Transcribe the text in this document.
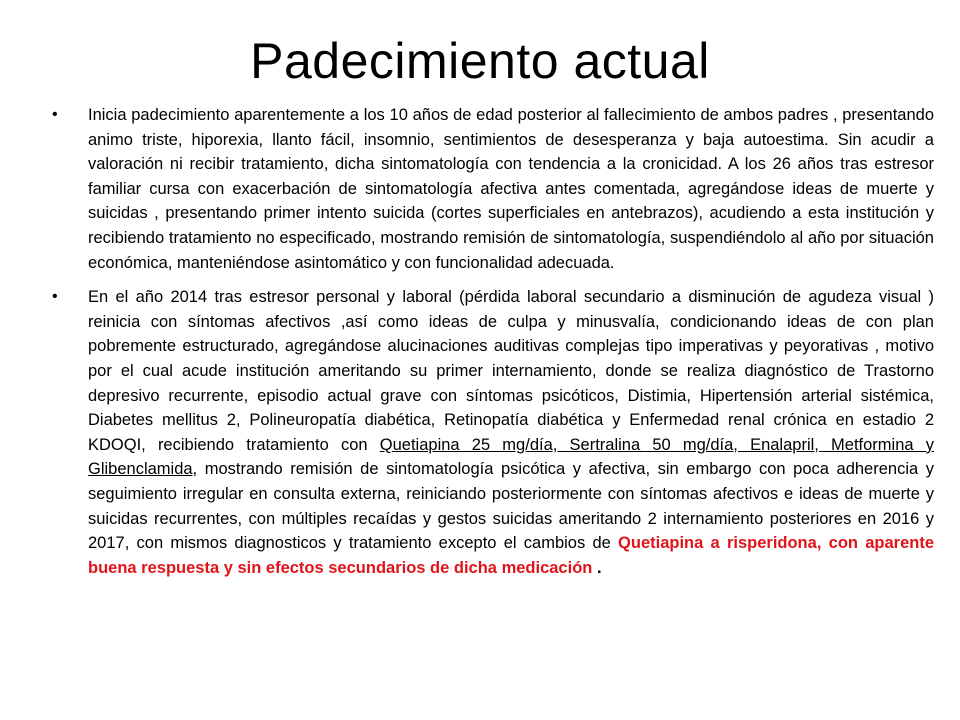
Padecimiento actual
• Inicia padecimiento aparentemente a los 10 años de edad posterior al fallecimiento de ambos padres , presentando animo triste, hiporexia, llanto fácil, insomnio, sentimientos de desesperanza y baja autoestima. Sin acudir a valoración ni recibir tratamiento, dicha sintomatología con tendencia a la cronicidad. A los 26 años tras estresor familiar cursa con exacerbación de sintomatología afectiva antes comentada, agregándose ideas de muerte y suicidas , presentando primer intento suicida (cortes superficiales en antebrazos), acudiendo a esta institución y recibiendo tratamiento no especificado, mostrando remisión de sintomatología, suspendiéndolo al año por situación económica, manteniéndose asintomático y con funcionalidad adecuada.
• En el año 2014 tras estresor personal y laboral (pérdida laboral secundario a disminución de agudeza visual ) reinicia con síntomas afectivos ,así como ideas de culpa y minusvalía, condicionando ideas de con plan pobremente estructurado, agregándose alucinaciones auditivas complejas tipo imperativas y peyorativas , motivo por el cual acude institución ameritando su primer internamiento, donde se realiza diagnóstico de Trastorno depresivo recurrente, episodio actual grave con síntomas psicóticos, Distimia, Hipertensión arterial sistémica, Diabetes mellitus 2, Polineuropatía diabética, Retinopatía diabética y Enfermedad renal crónica en estadio 2 KDOQI, recibiendo tratamiento con Quetiapina 25 mg/día, Sertralina 50 mg/día, Enalapril, Metformina y Glibenclamida, mostrando remisión de sintomatología psicótica y afectiva, sin embargo con poca adherencia y seguimiento irregular en consulta externa, reiniciando posteriormente con síntomas afectivos e ideas de muerte y suicidas recurrentes, con múltiples recaídas y gestos suicidas ameritando 2 internamiento posteriores en 2016 y 2017, con mismos diagnosticos y tratamiento excepto el cambios de Quetiapina a risperidona, con aparente buena respuesta y sin efectos secundarios de dicha medicación .
